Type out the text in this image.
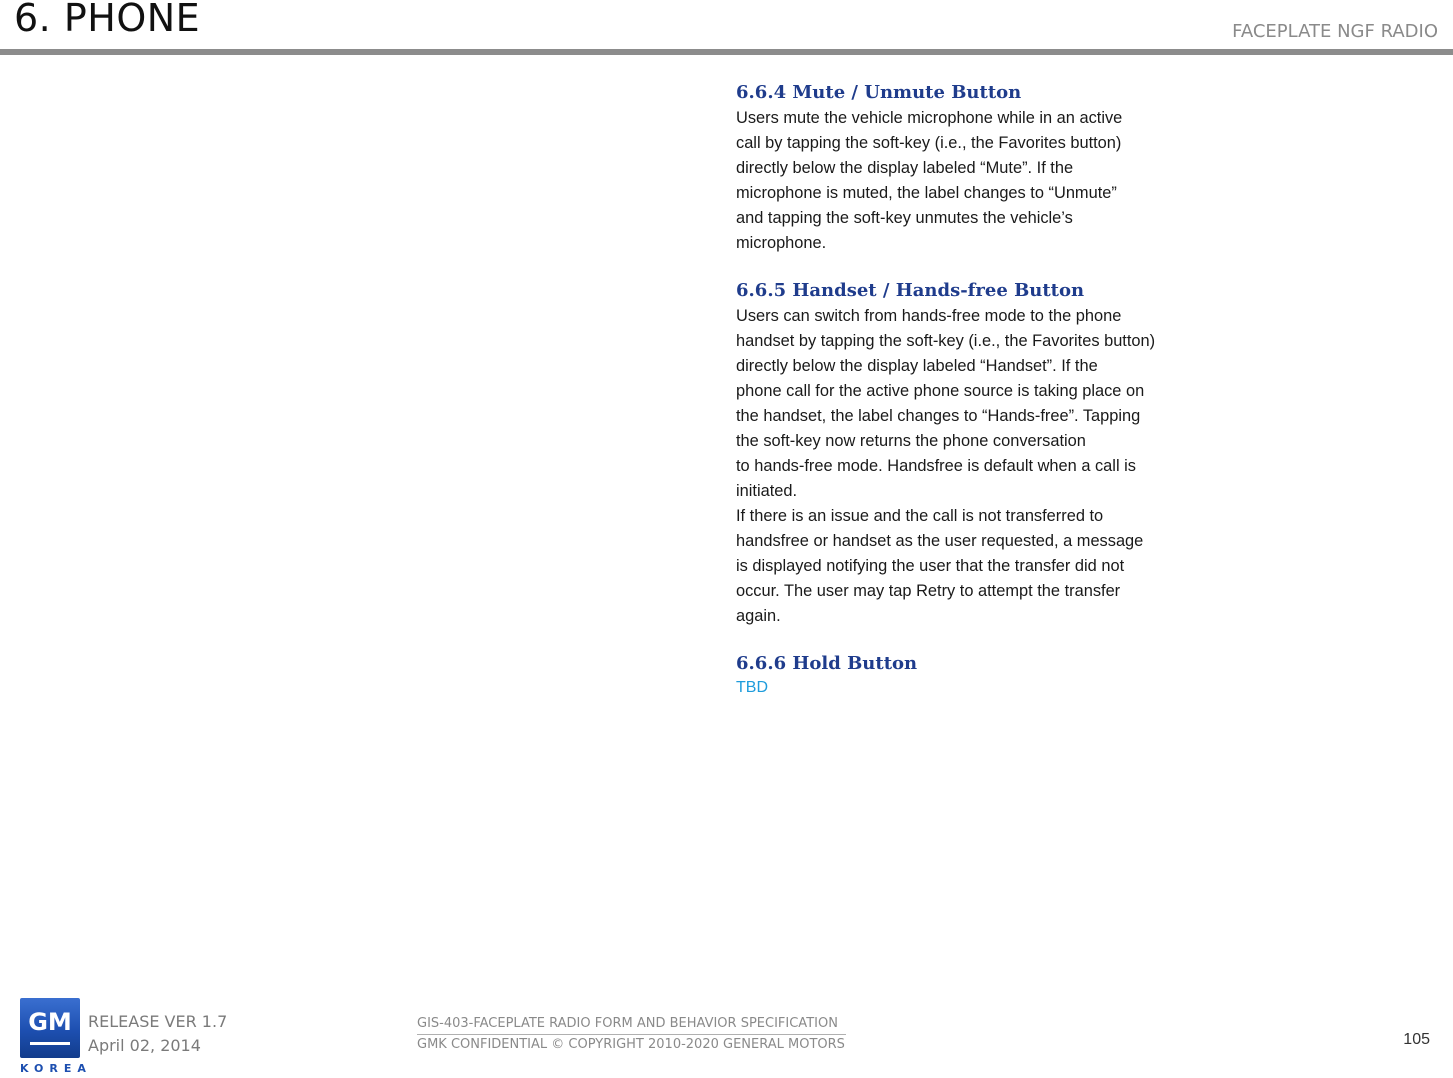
6. PHONE	FACEPLATE NGF RADIO
6.6.4 Mute / Unmute Button

Users mute the vehicle microphone while in an active
call by tapping the soft-key (i.e., the Favorites button)
directly below the display labeled “Mute”. If the
microphone is muted, the label changes to “Unmute”
and tapping the soft-key unmutes the vehicle’s
microphone.

6.6.5 Handset / Hands-free Button

Users can switch from hands-free mode to the phone
handset by tapping the soft-key (i.e., the Favorites button)
directly below the display labeled “Handset”. If the
phone call for the active phone source is taking place on
the handset, the label changes to “Hands-free”. Tapping
the soft-key now returns the phone conversation
to hands-free mode. Handsfree is default when a call is
initiated.

If there is an issue and the call is not transferred to
handsfree or handset as the user requested, a message
is displayed notifying the user that the transfer did not
occur. The user may tap Retry to attempt the transfer
again.

6.6.6 Hold Button

TBD

GM
KOREA
RELEASE VER 1.7
April 02, 2014
GIS-403-FACEPLATE RADIO FORM AND BEHAVIOR SPECIFICATION
GMK CONFIDENTIAL © COPYRIGHT 2010-2020 GENERAL MOTORS	105
